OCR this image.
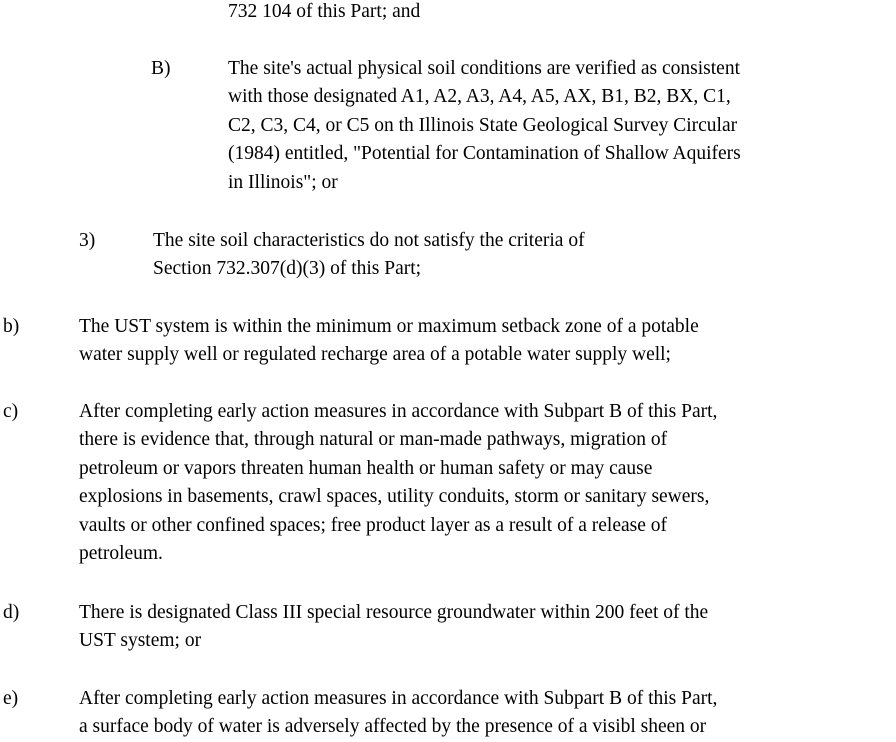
732 104 of this Part; and
B)	The site's actual physical soil conditions are verified as consistent
with those designated A1, A2, A3, A4, A5, AX, B1, B2, BX, C1,
C2, C3, C4, or C5 on th Illinois State Geological Survey Circular
(1984) entitled, "Potential for Contamination of Shallow Aquifers
in Illinois"; or
3)	The site soil characteristics do not satisfy the criteria of
Section 732.307(d)(3) of this Part;
b)	The UST system is within the minimum or maximum setback zone of a potable
water supply well or regulated recharge area of a potable water supply well;
c)	After completing early action measures in accordance with Subpart B of this Part,
there is evidence that, through natural or man-made pathways, migration of
petroleum or vapors threaten human health or human safety or may cause
explosions in basements, crawl spaces, utility conduits, storm or sanitary sewers,
vaults or other confined spaces; free product layer as a result of a release of
petroleum.
d)	There is designated Class III special resource groundwater within 200 feet of the
UST system; or
e)	After completing early action measures in accordance with Subpart B of this Part,
a surface body of water is adversely affected by the presence of a visibl sheen or
